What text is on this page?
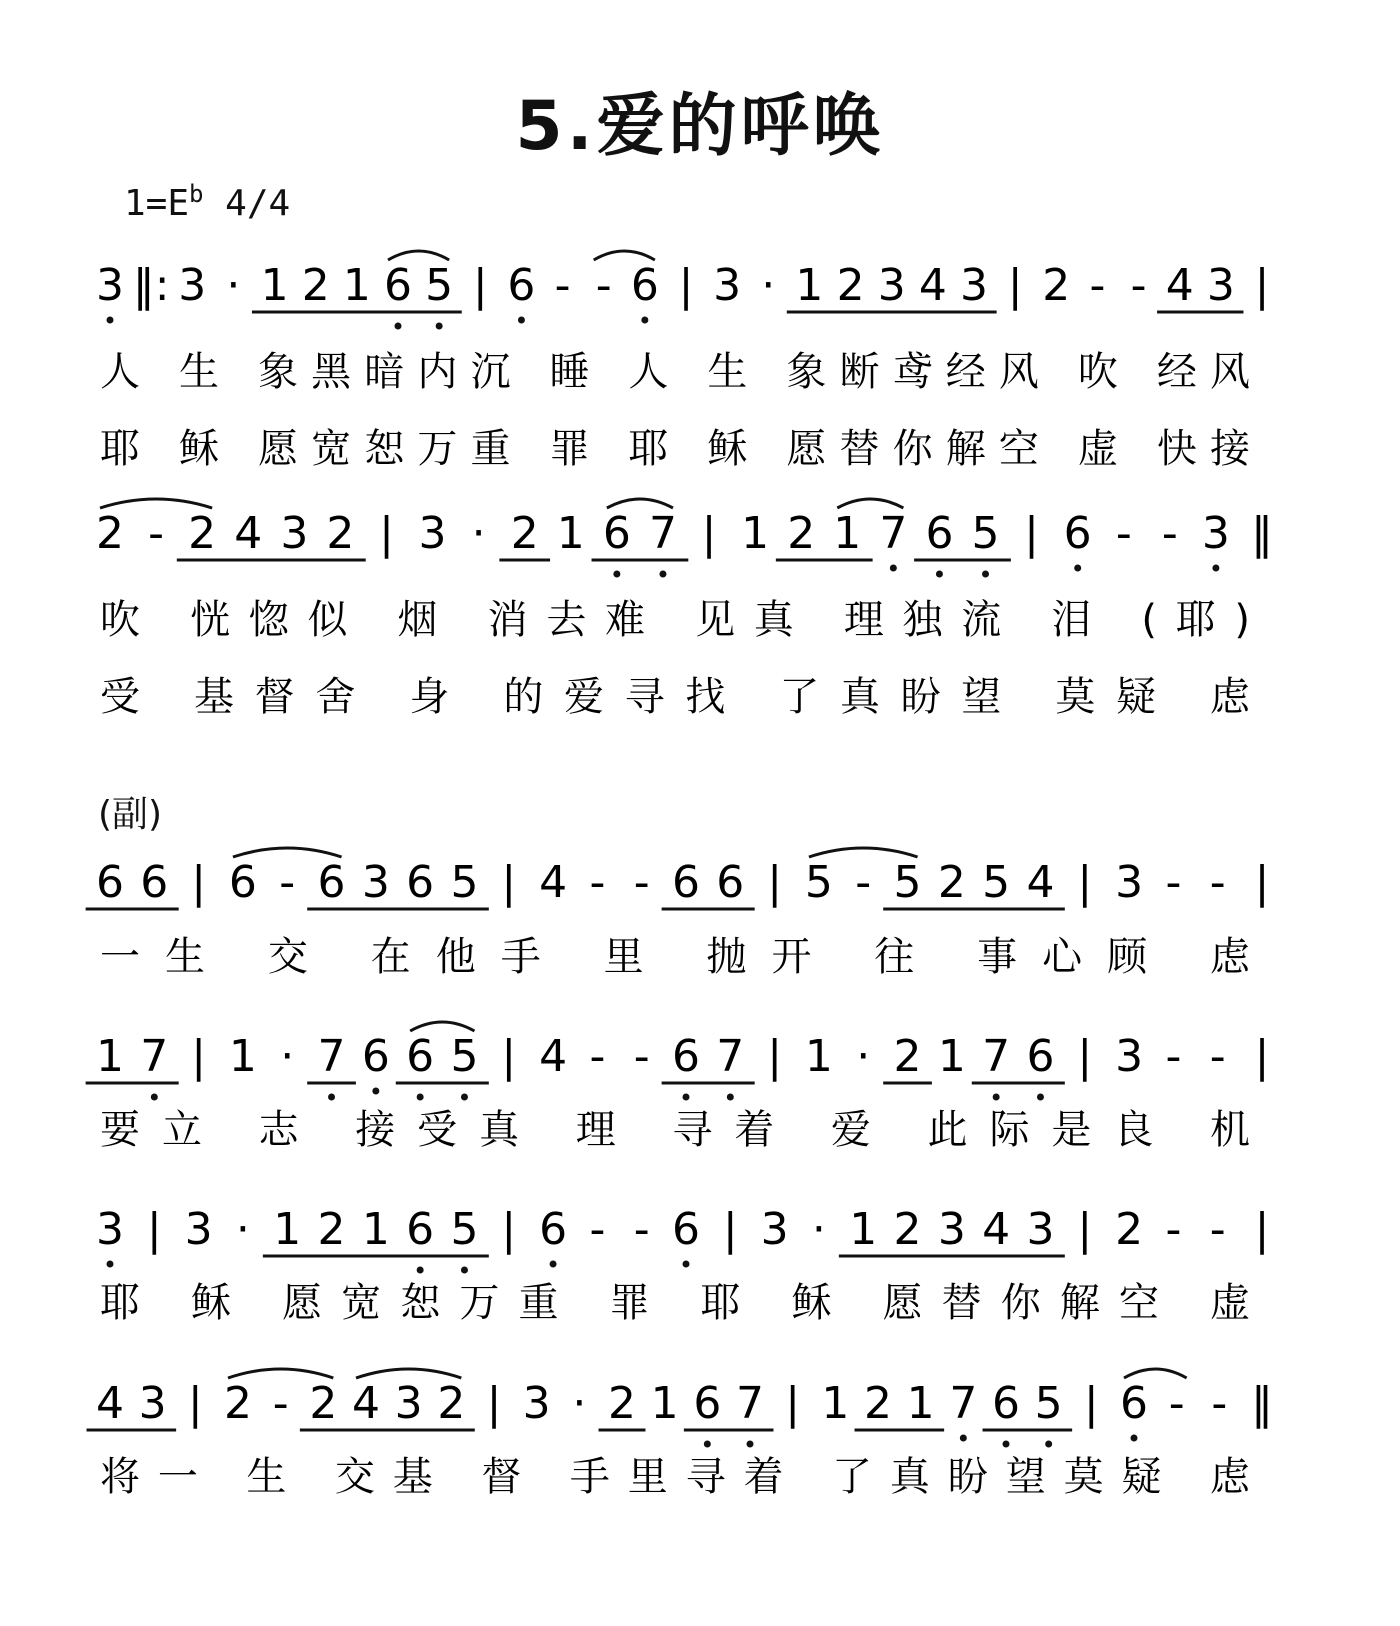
5.爱的呼唤
$1=E^b$ 4/4
(副)
3 ‖: 3 · 1 2 1 6 5 | 6 - - 6 | 3 · 1 2 3 4 3 | 2 - - 4 3 |
人 生 象黑暗内沉 睡 人 生 象断鸢经风 吹 经风
耶 稣 愿宽恕万重 罪 耶 稣 愿替你解空 虚 快接
2 - 2 4 3 2 | 3 · 2 1 6 7 | 1 2 1 7 6 5 | 6 - - 3 ‖
吹 恍惚似 烟 消去难 见真 理独流 泪 (耶)
受 基督舍 身 的爱寻找 了真盼望 莫疑 虑
6 6 | 6 - 6 3 6 5 | 4 - - 6 6 | 5 - 5 2 5 4 | 3 - - |
一生 交 在他手 里 抛开 往 事心顾 虑
1 7 | 1 · 7 6 6 5 | 4 - - 6 7 | 1 · 2 1 7 6 | 3 - - |
要立 志 接受真 理 寻着 爱 此际是良 机
3 | 3 · 1 2 1 6 5 | 6 - - 6 | 3 · 1 2 3 4 3 | 2 - - |
耶 稣 愿宽恕万重 罪 耶 稣 愿替你解空 虚
4 3 | 2 - 2 4 3 2 | 3 · 2 1 6 7 | 1 2 1 7 6 5 | 6 - - ‖
将一 生 交基 督 手里寻着 了真盼望莫疑 虑
